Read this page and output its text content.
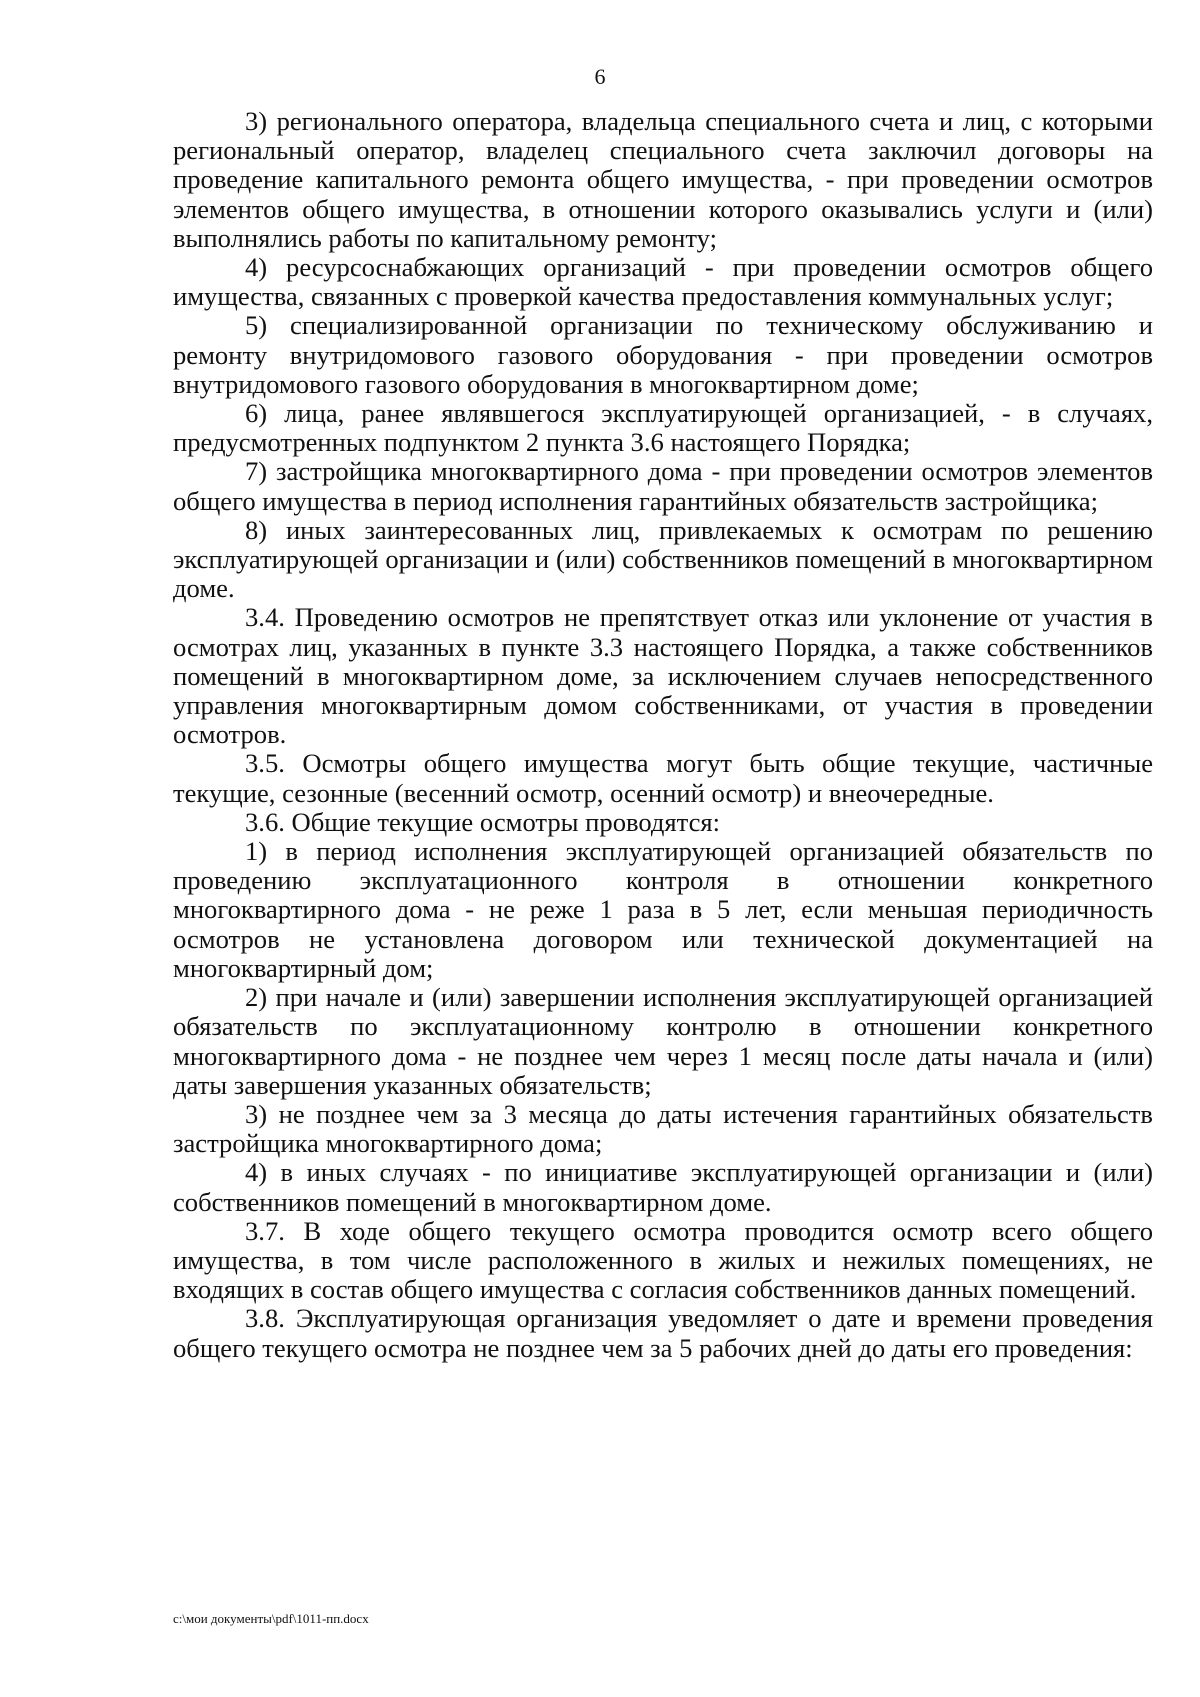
6

3) регионального оператора, владельца специального счета и лиц, с которыми региональный оператор, владелец специального счета заключил договоры на проведение капитального ремонта общего имущества, - при проведении осмотров элементов общего имущества, в отношении которого оказывались услуги и (или) выполнялись работы по капитальному ремонту;

4) ресурсоснабжающих организаций - при проведении осмотров общего имущества, связанных с проверкой качества предоставления коммунальных услуг;

5) специализированной организации по техническому обслуживанию и ремонту внутридомового газового оборудования - при проведении осмотров внутридомового газового оборудования в многоквартирном доме;

6) лица, ранее являвшегося эксплуатирующей организацией, - в случаях, предусмотренных подпунктом 2 пункта 3.6 настоящего Порядка;

7) застройщика многоквартирного дома - при проведении осмотров элементов общего имущества в период исполнения гарантийных обязательств застройщика;

8) иных заинтересованных лиц, привлекаемых к осмотрам по решению эксплуатирующей организации и (или) собственников помещений в многоквартирном доме.

3.4. Проведению осмотров не препятствует отказ или уклонение от участия в осмотрах лиц, указанных в пункте 3.3 настоящего Порядка, а также собственников помещений в многоквартирном доме, за исключением случаев непосредственного управления многоквартирным домом собственниками, от участия в проведении осмотров.

3.5. Осмотры общего имущества могут быть общие текущие, частичные текущие, сезонные (весенний осмотр, осенний осмотр) и внеочередные.

3.6. Общие текущие осмотры проводятся:

1) в период исполнения эксплуатирующей организацией обязательств по проведению эксплуатационного контроля в отношении конкретного многоквартирного дома - не реже 1 раза в 5 лет, если меньшая периодичность осмотров не установлена договором или технической документацией на многоквартирный дом;

2) при начале и (или) завершении исполнения эксплуатирующей организацией обязательств по эксплуатационному контролю в отношении конкретного многоквартирного дома - не позднее чем через 1 месяц после даты начала и (или) даты завершения указанных обязательств;

3) не позднее чем за 3 месяца до даты истечения гарантийных обязательств застройщика многоквартирного дома;

4) в иных случаях - по инициативе эксплуатирующей организации и (или) собственников помещений в многоквартирном доме.

3.7. В ходе общего текущего осмотра проводится осмотр всего общего имущества, в том числе расположенного в жилых и нежилых помещениях, не входящих в состав общего имущества с согласия собственников данных помещений.

3.8. Эксплуатирующая организация уведомляет о дате и времени проведения общего текущего осмотра не позднее чем за 5 рабочих дней до даты его проведения:

c:\мои документы\pdf\1011-пп.docx
